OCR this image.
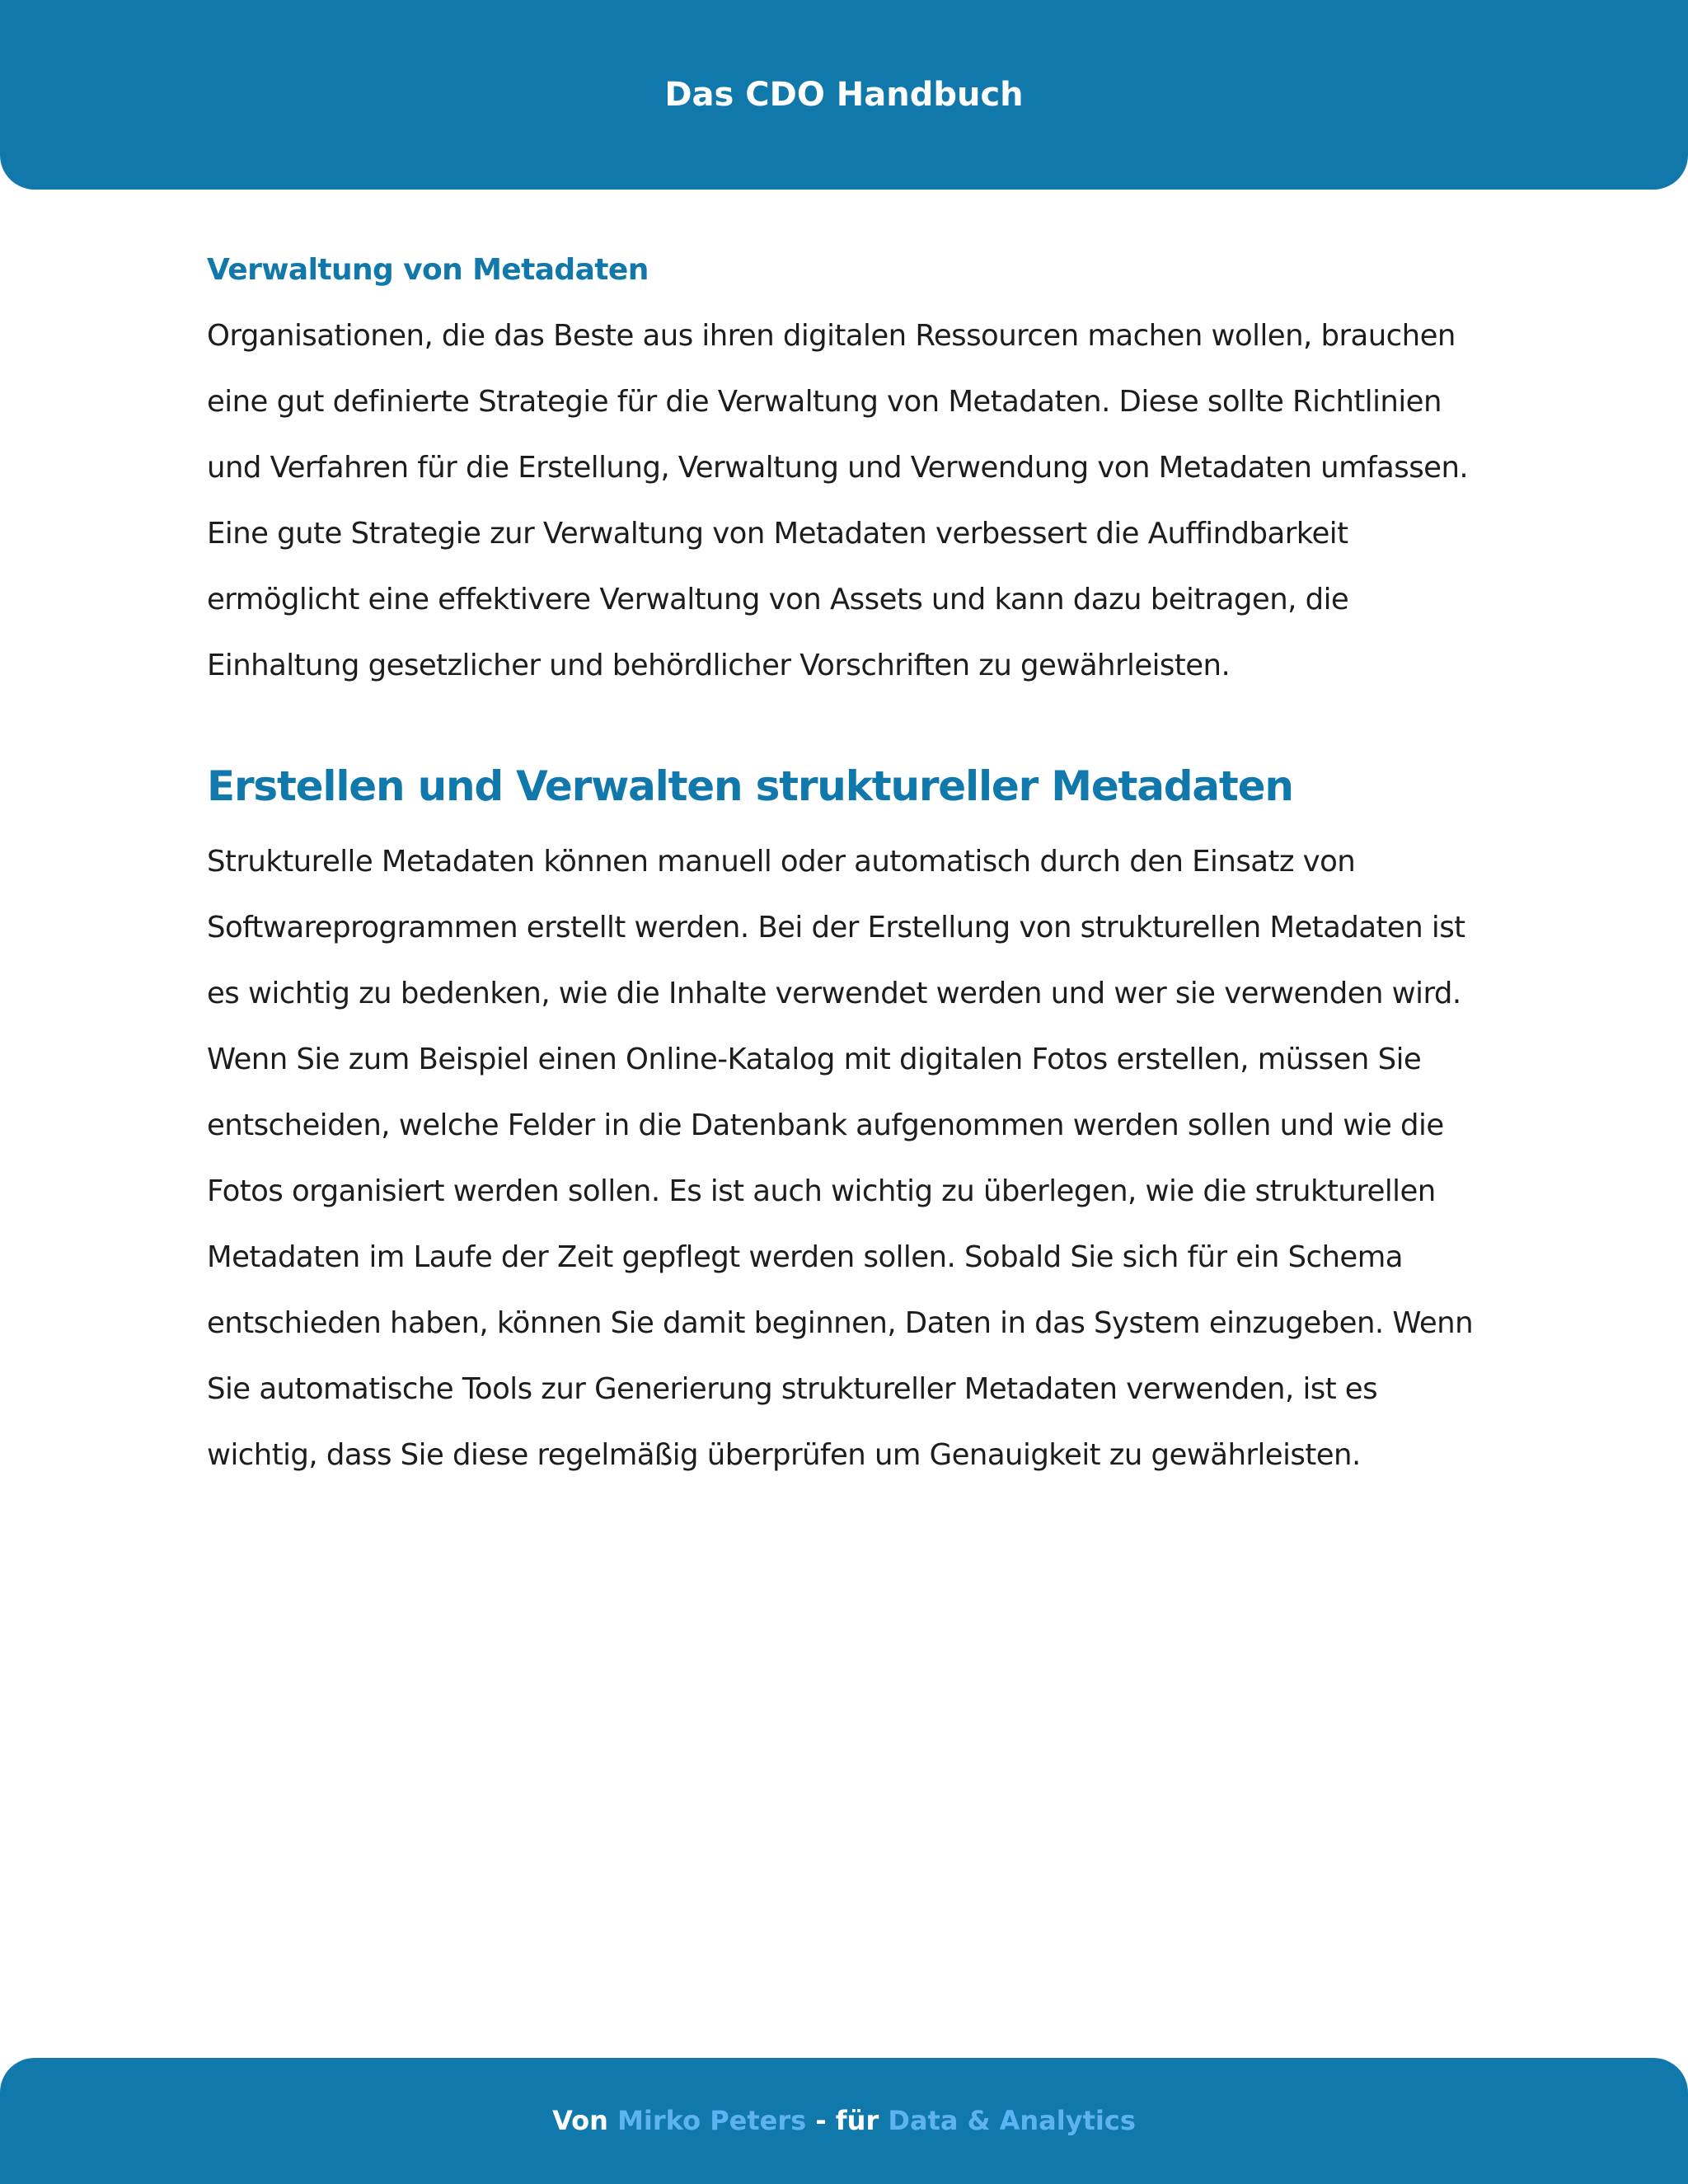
Das CDO Handbuch
Verwaltung von Metadaten

Organisationen, die das Beste aus ihren digitalen Ressourcen machen wollen, brauchen eine gut definierte Strategie für die Verwaltung von Metadaten. Diese sollte Richtlinien und Verfahren für die Erstellung, Verwaltung und Verwendung von Metadaten umfassen. Eine gute Strategie zur Verwaltung von Metadaten verbessert die Auffindbarkeit ermöglicht eine effektivere Verwaltung von Assets und kann dazu beitragen, die Einhaltung gesetzlicher und behördlicher Vorschriften zu gewährleisten.

Erstellen und Verwalten struktureller Metadaten

Strukturelle Metadaten können manuell oder automatisch durch den Einsatz von Softwareprogrammen erstellt werden. Bei der Erstellung von strukturellen Metadaten ist es wichtig zu bedenken, wie die Inhalte verwendet werden und wer sie verwenden wird. Wenn Sie zum Beispiel einen Online-Katalog mit digitalen Fotos erstellen, müssen Sie entscheiden, welche Felder in die Datenbank aufgenommen werden sollen und wie die Fotos organisiert werden sollen. Es ist auch wichtig zu überlegen, wie die strukturellen Metadaten im Laufe der Zeit gepflegt werden sollen. Sobald Sie sich für ein Schema entschieden haben, können Sie damit beginnen, Daten in das System einzugeben. Wenn Sie automatische Tools zur Generierung struktureller Metadaten verwenden, ist es wichtig, dass Sie diese regelmäßig überprüfen um Genauigkeit zu gewährleisten.

Von Mirko Peters - für Data & Analytics
